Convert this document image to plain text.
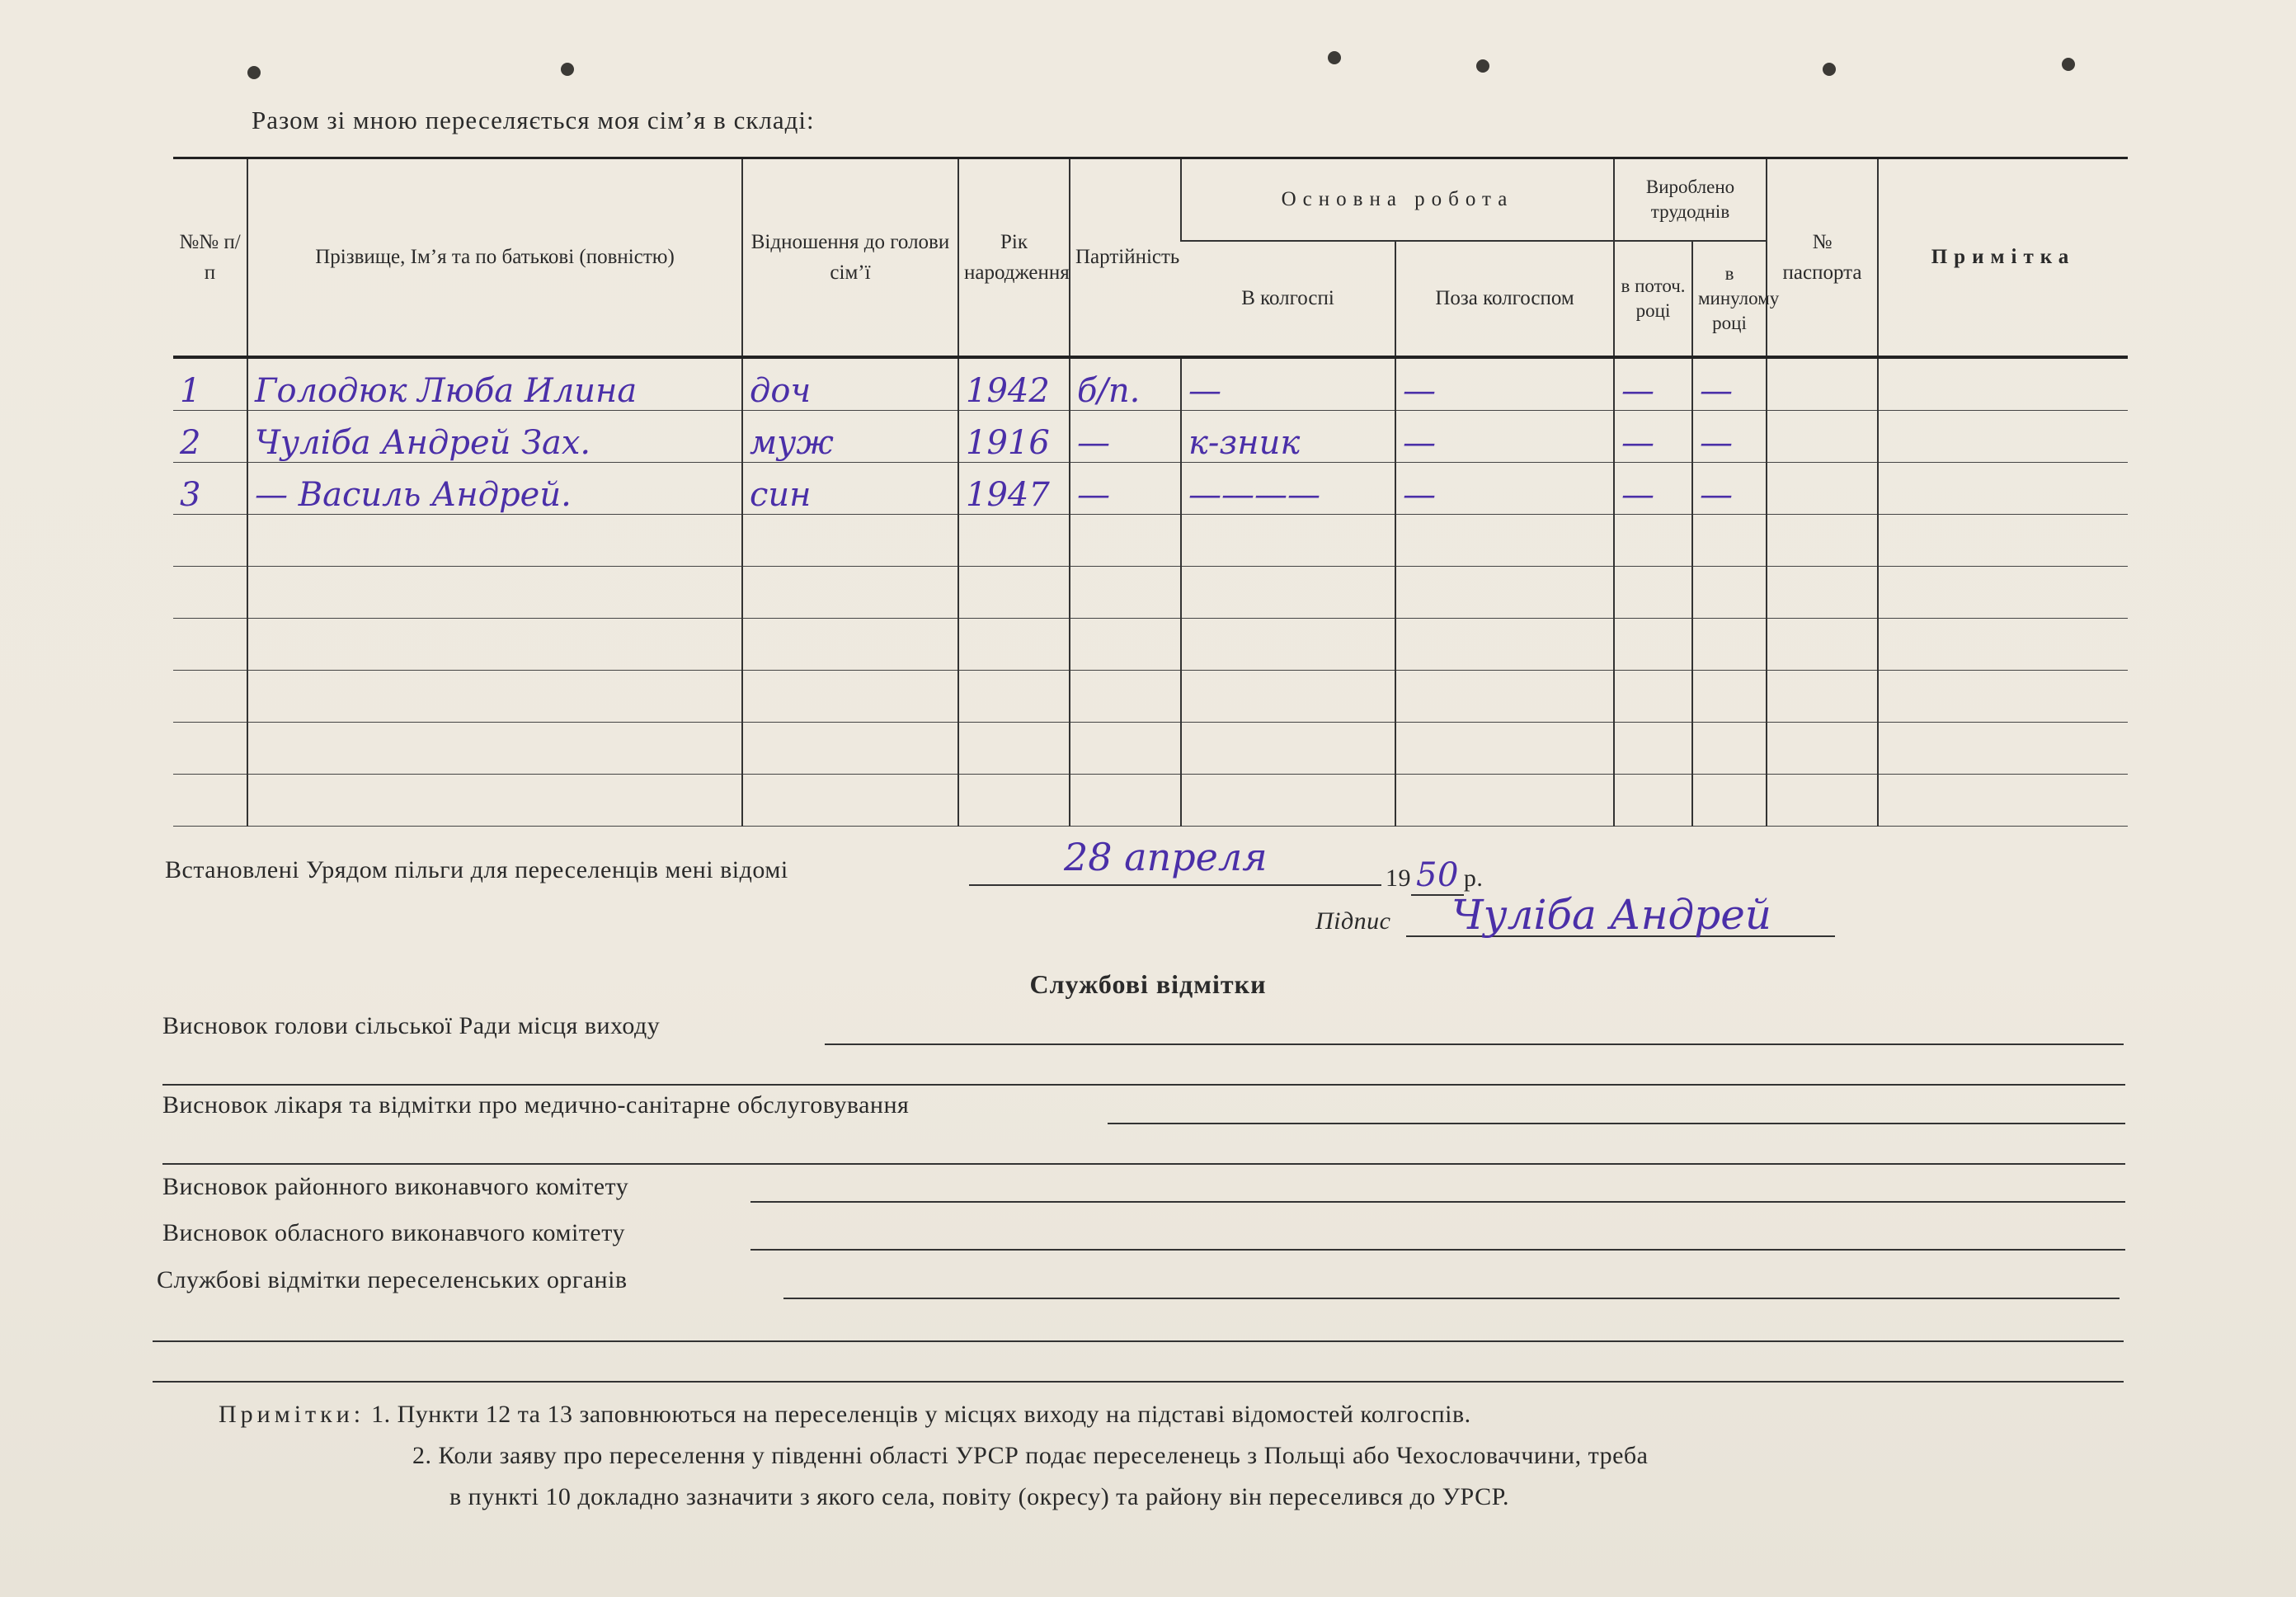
Разом зі мною переселяється моя сім’я в складі:
№№ п/п	Прізвище, Ім’я та по батькові (повністю)	Відношення до голови сім’ї	Рік народження	Партійність	Основна робота		Вироблено трудоднів		№ паспорта	Примітка
					В колгоспі	Поза колгоспом	в поточ. році	в минулому році		
1	Голодюк Люба Илина	доч	1942	б/п.	—	—	—	—		
2	Чуліба Андрей Зах.	муж	1916	—	к-зник	—	—	—		
3	— Василь Андрей.	син	1947	—	————	—	—	—		

Встановлені Урядом пільги для переселенців мені відомі	28 апреля	19 50 р.
Підпис Чуліба Андрей
Службові відмітки
Висновок голови сільської Ради місця виходу
Висновок лікаря та відмітки про медично-санітарне обслуговування
Висновок районного виконавчого комітету
Висновок обласного виконавчого комітету
Службові відмітки переселенських органів
Примітки: 1. Пункти 12 та 13 заповнюються на переселенців у місцях виходу на підставі відомостей колгоспів.
2. Коли заяву про переселення у південні області УРСР подає переселенець з Польщі або Чехословаччини, треба
в пункті 10 докладно зазначити з якого села, повіту (окресу) та району він переселився до УРСР.
